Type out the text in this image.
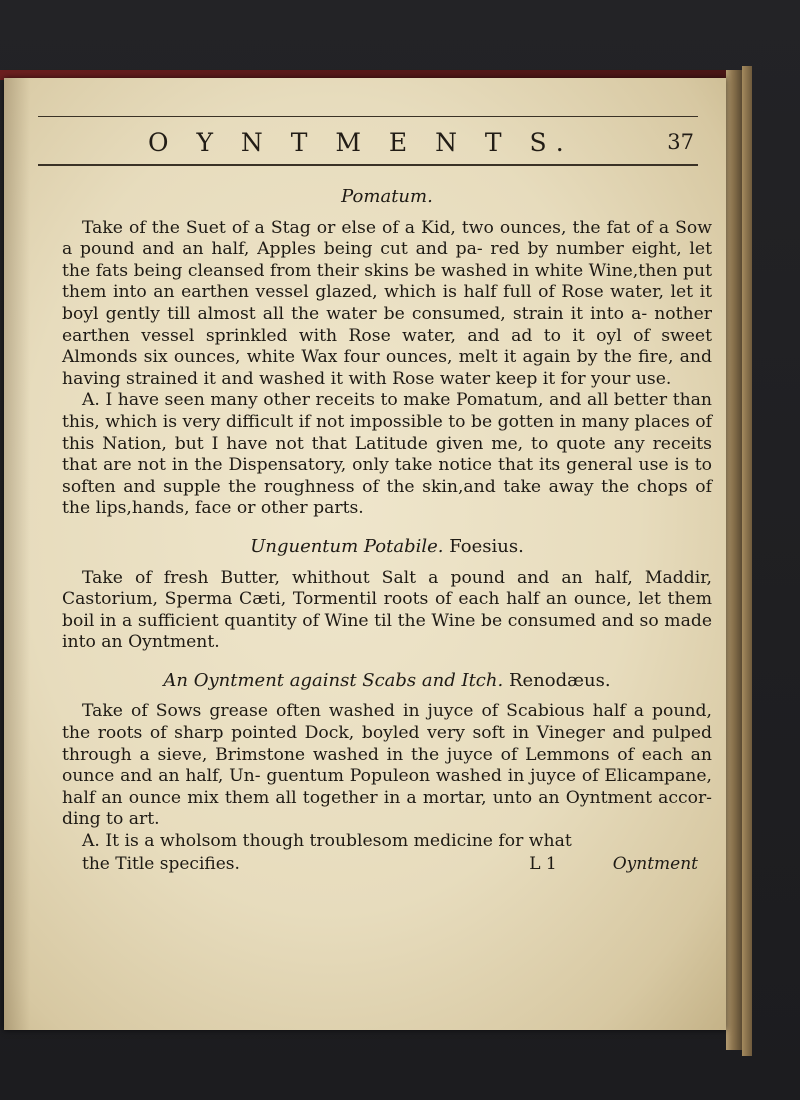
O Y N T M E N T S.	37
Pomatum.

Take of the Suet of a Stag or else of a Kid, two ounces, the fat of a Sow a pound and an half, Apples being cut and pa- red by number eight, let the fats being cleansed from their skins be washed in white Wine,then put them into an earthen vessel glazed, which is half full of Rose water, let it boyl gently till almost all the water be consumed, strain it into a- nother earthen vessel sprinkled with Rose water, and ad to it oyl of sweet Almonds six ounces, white Wax four ounces, melt it again by the fire, and having strained it and washed it with Rose water keep it for your use.

A. I have seen many other receits to make Pomatum, and all better than this, which is very difficult if not impossible to be gotten in many places of this Nation, but I have not that Latitude given me, to quote any receits that are not in the Dispensatory, only take notice that its general use is to soften and supple the roughness of the skin,and take away the chops of the lips,hands, face or other parts.

Unguentum Potabile. Foesius.

Take of fresh Butter, whithout Salt a pound and an half, Maddir, Castorium, Sperma Cæti, Tormentil roots of each half an ounce, let them boil in a sufficient quantity of Wine til the Wine be consumed and so made into an Oyntment.

An Oyntment against Scabs and Itch. Renodæus.

Take of Sows grease often washed in juyce of Scabious half a pound, the roots of sharp pointed Dock, boyled very soft in Vineger and pulped through a sieve, Brimstone washed in the juyce of Lemmons of each an ounce and an half, Un- guentum Populeon washed in juyce of Elicampane, half an ounce mix them all together in a mortar, unto an Oyntment accor- ding to art.

A. It is a wholsom though troublesom medicine for what

the Title specifies.	L 1	Oyntment
